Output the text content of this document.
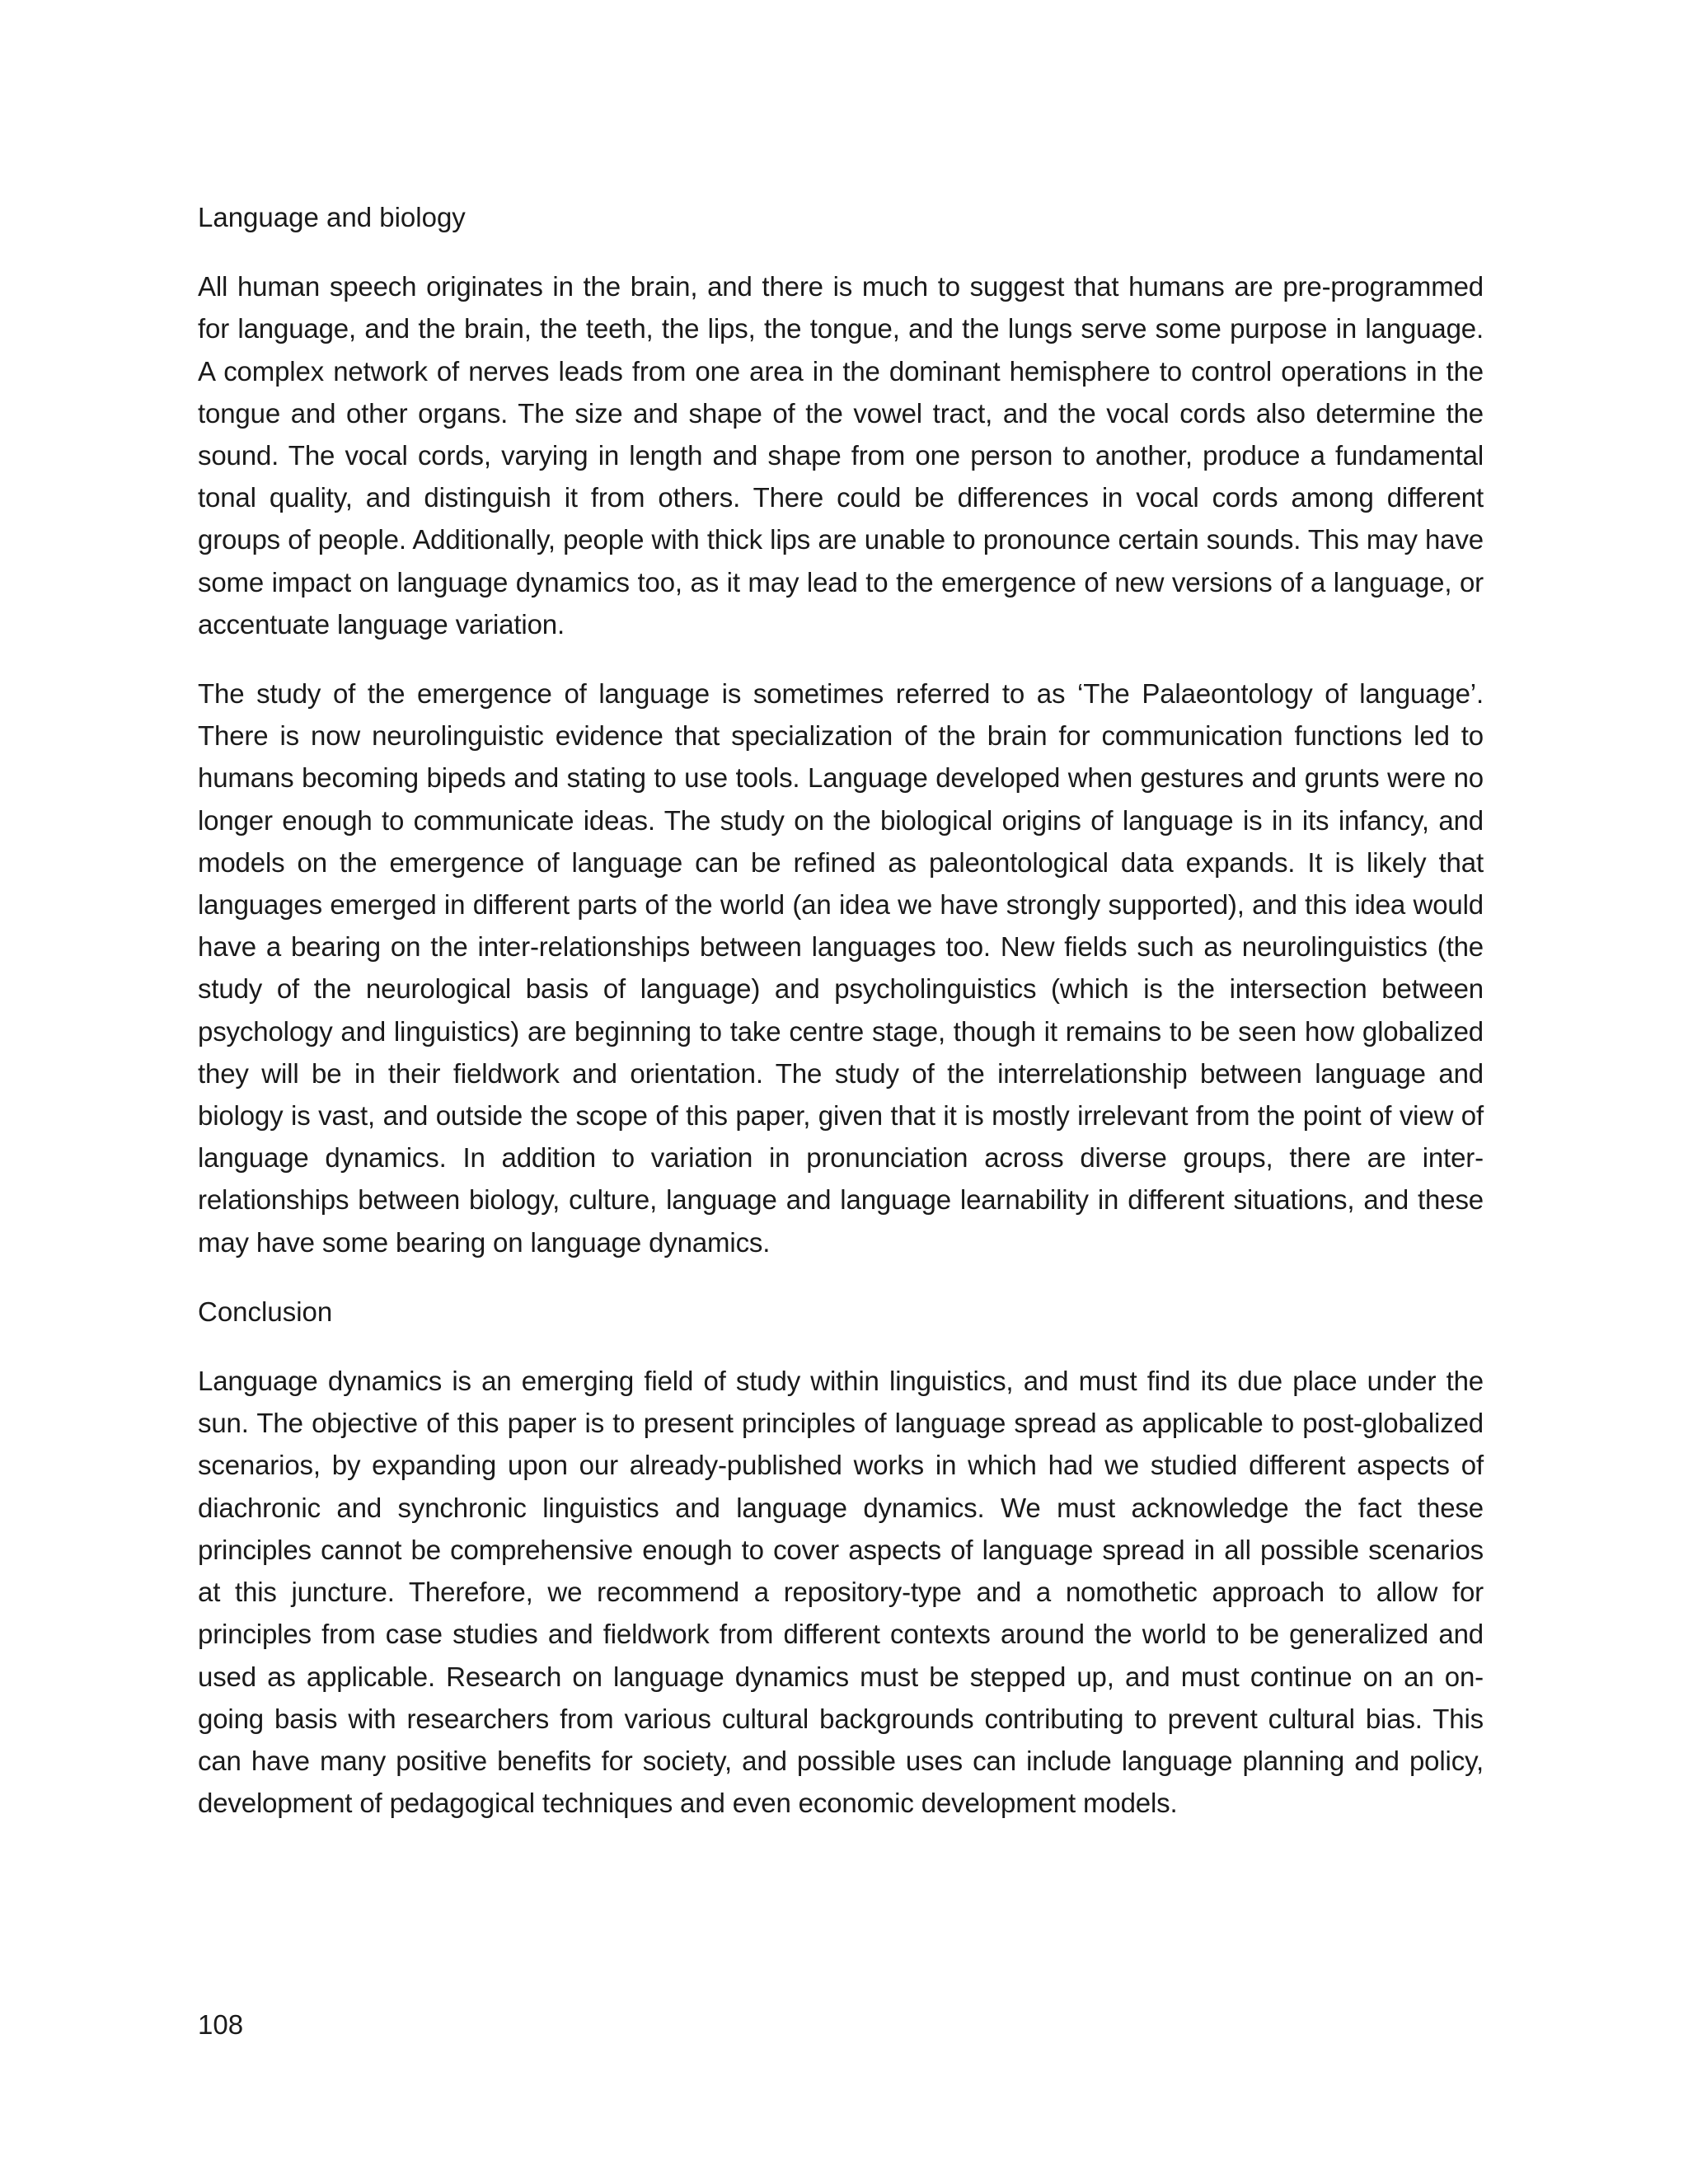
Language and biology

All human speech originates in the brain, and there is much to suggest that humans are pre-programmed for language, and the brain, the teeth, the lips, the tongue, and the lungs serve some purpose in language. A complex network of nerves leads from one area in the dominant hemisphere to control operations in the tongue and other organs. The size and shape of the vowel tract, and the vocal cords also determine the sound. The vocal cords, varying in length and shape from one person to another, produce a fundamental tonal quality, and distinguish it from others. There could be differences in vocal cords among different groups of people. Additionally, people with thick lips are unable to pronounce certain sounds. This may have some impact on language dynamics too, as it may lead to the emergence of new versions of a language, or accentuate language variation.

The study of the emergence of language is sometimes referred to as ‘The Palaeontology of language’. There is now neurolinguistic evidence that specialization of the brain for communication functions led to humans becoming bipeds and stating to use tools. Language developed when gestures and grunts were no longer enough to communicate ideas. The study on the biological origins of language is in its infancy, and models on the emergence of language can be refined as paleontological data expands. It is likely that languages emerged in different parts of the world (an idea we have strongly supported), and this idea would have a bearing on the inter-relationships between languages too. New fields such as neurolinguistics (the study of the neurological basis of language) and psycholinguistics (which is the intersection between psychology and linguistics) are beginning to take centre stage, though it remains to be seen how globalized they will be in their fieldwork and orientation. The study of the interrelationship between language and biology is vast, and outside the scope of this paper, given that it is mostly irrelevant from the point of view of language dynamics. In addition to variation in pronunciation across diverse groups, there are inter-relationships between biology, culture, language and language learnability in different situations, and these may have some bearing on language dynamics.

Conclusion

Language dynamics is an emerging field of study within linguistics, and must find its due place under the sun. The objective of this paper is to present principles of language spread as applicable to post-globalized scenarios, by expanding upon our already-published works in which had we studied different aspects of diachronic and synchronic linguistics and language dynamics. We must acknowledge the fact these principles cannot be comprehensive enough to cover aspects of language spread in all possible scenarios at this juncture. Therefore, we recommend a repository-type and a nomothetic approach to allow for principles from case studies and fieldwork from different contexts around the world to be generalized and used as applicable. Research on language dynamics must be stepped up, and must continue on an on-going basis with researchers from various cultural backgrounds contributing to prevent cultural bias. This can have many positive benefits for society, and possible uses can include language planning and policy, development of pedagogical techniques and even economic development models.

108
